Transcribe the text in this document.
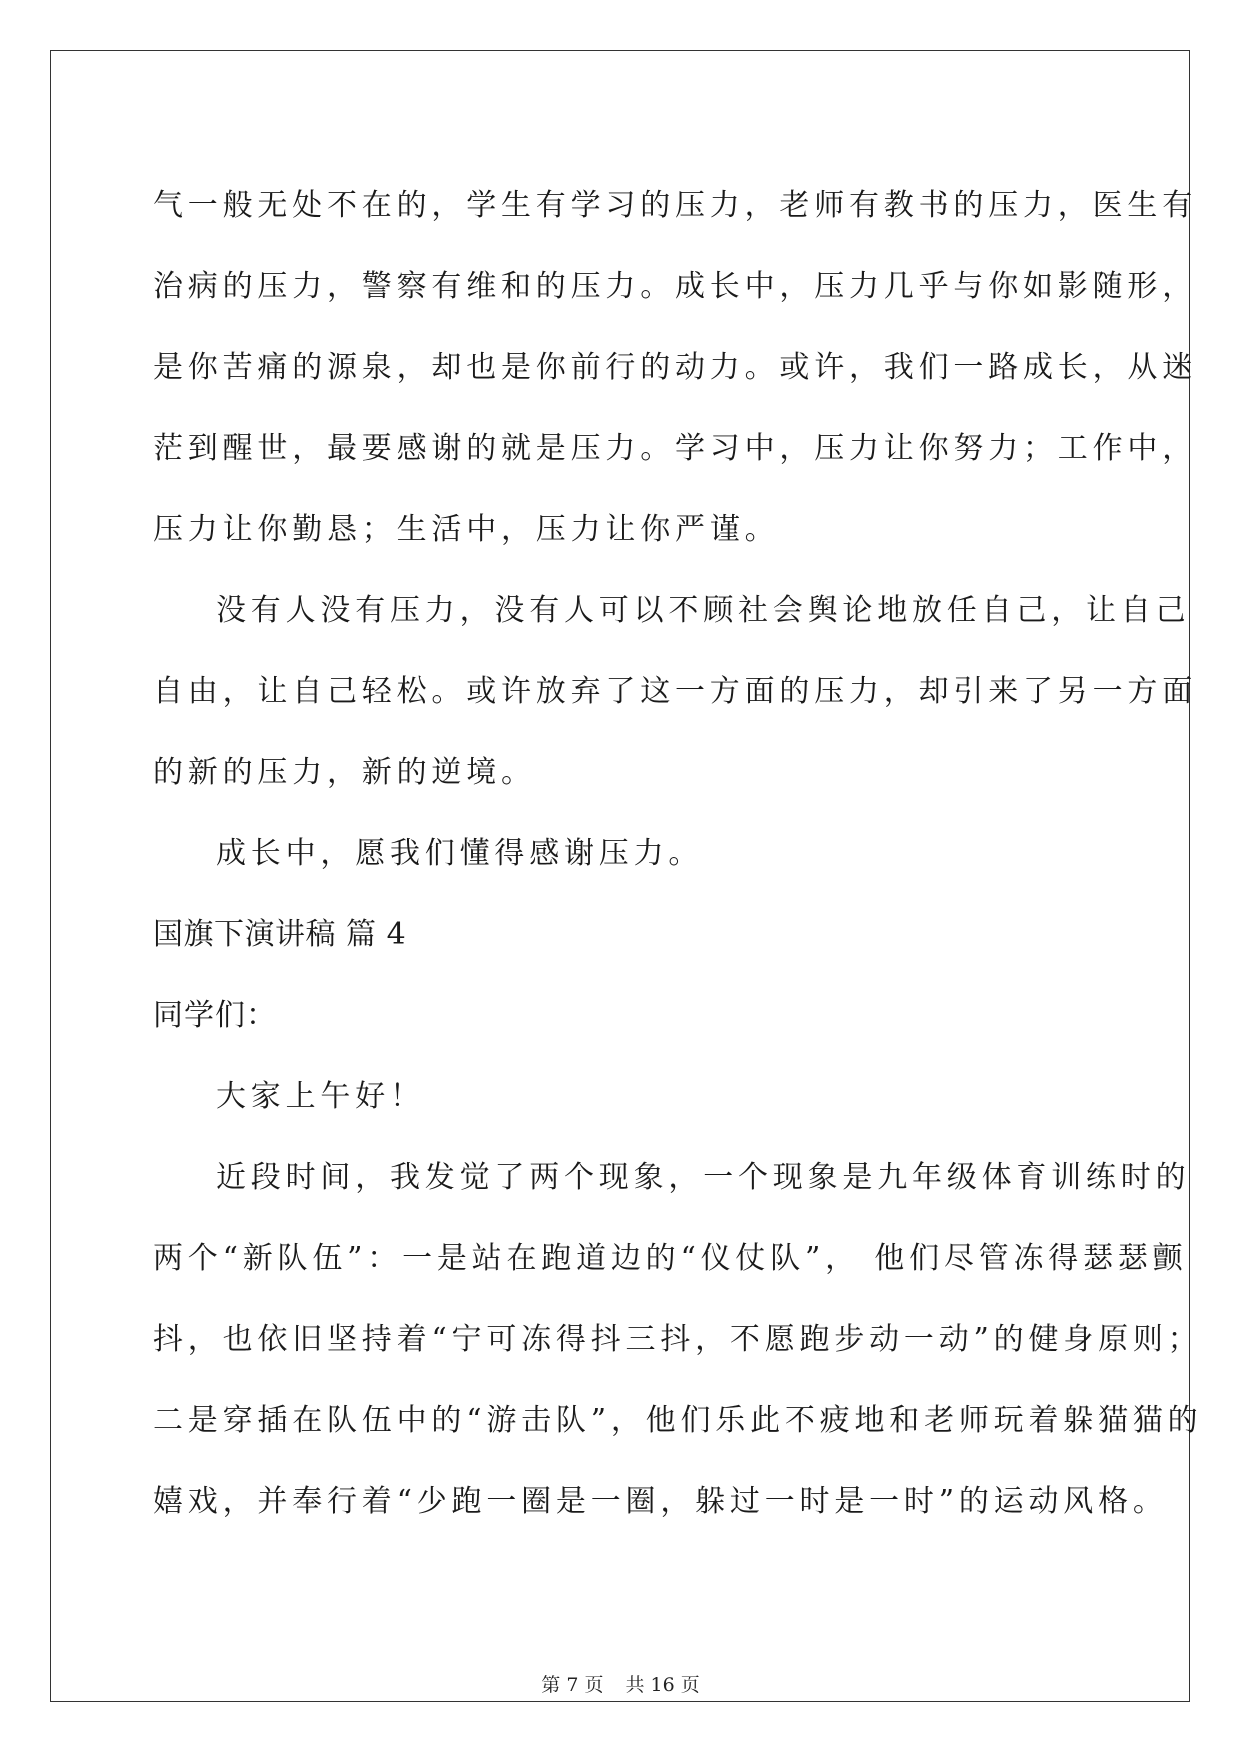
气一般无处不在的，学生有学习的压力，老师有教书的压力，医生有

治病的压力，警察有维和的压力。成长中，压力几乎与你如影随形，

是你苦痛的源泉，却也是你前行的动力。或许，我们一路成长，从迷

茫到醒世，最要感谢的就是压力。学习中，压力让你努力；工作中，

压力让你勤恳；生活中，压力让你严谨。

没有人没有压力，没有人可以不顾社会舆论地放任自己，让自己

自由，让自己轻松。或许放弃了这一方面的压力，却引来了另一方面

的新的压力，新的逆境。

成长中，愿我们懂得感谢压力。

国旗下演讲稿 篇 4

同学们：

大家上午好！

近段时间，我发觉了两个现象，一个现象是九年级体育训练时的

两个“新队伍”：一是站在跑道边的“仪仗队”， 他们尽管冻得瑟瑟颤

抖，也依旧坚持着“宁可冻得抖三抖，不愿跑步动一动”的健身原则；

二是穿插在队伍中的“游击队”，他们乐此不疲地和老师玩着躲猫猫的

嬉戏，并奉行着“少跑一圈是一圈，躲过一时是一时”的运动风格。

第 7 页 共 16 页
